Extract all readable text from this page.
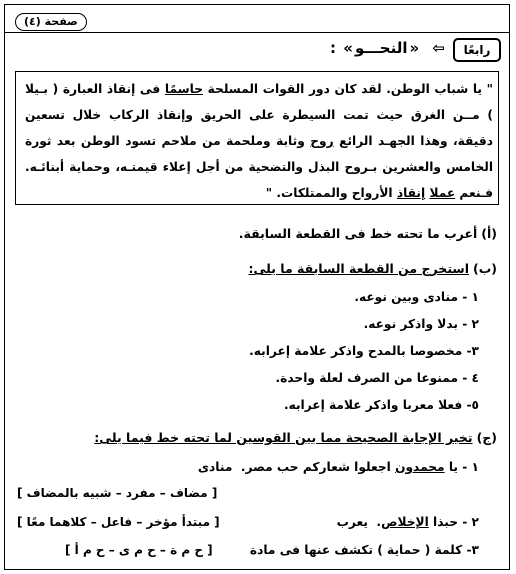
صفحة (٤)
رابعًا
⇦ «النحـــو» :
" يا شباب الوطن. لقد كان دور القوات المسلحة حاسمًا فى إنقاذ العبارة ( بـيلا ) مــن الغرق حيث تمت السيطرة على الحريق وإنقاذ الركاب خلال تسعين دقيقة، وهذا الجهـد الرائع روح وثابة وملحمة من ملاحم تسود الوطن بعد ثورة الخامس والعشرين بـروح البذل والتضحية من أجل إعلاء قيمتـه، وحماية أبنائـه. فـنعم عملا إنقاذ الأرواح والممتلكات. "
(أ)أعرب ما تحته خط فى القطعة السابقة.
(ب)استخرج من القطعة السابقة ما يلى:
١ - منادى وبين نوعه.
٢ - بدلا واذكر نوعه.
٣- مخصوصا بالمدح واذكر علامة إعرابه.
٤ - ممنوعا من الصرف لعلة واحدة.
٥- فعلا معربا واذكر علامة إعرابه.
(ج)تخير الإجابة الصحيحة مما بين القوسين لما تحته خط فيما يلى:
١ - يا محمدون اجعلوا شعاركم حب مصر.  منادى
[ مضاف – مفرد – شبيه بالمضاف ]
٢ - حبذا الإخلاص.  يعرب
[ مبتدأ مؤخر – فاعل – كلاهما معًا ]
٣- كلمة ( حماية ) تكشف عنها فى مادة
[ ح م ة – ح م ى – ح م أ ]
